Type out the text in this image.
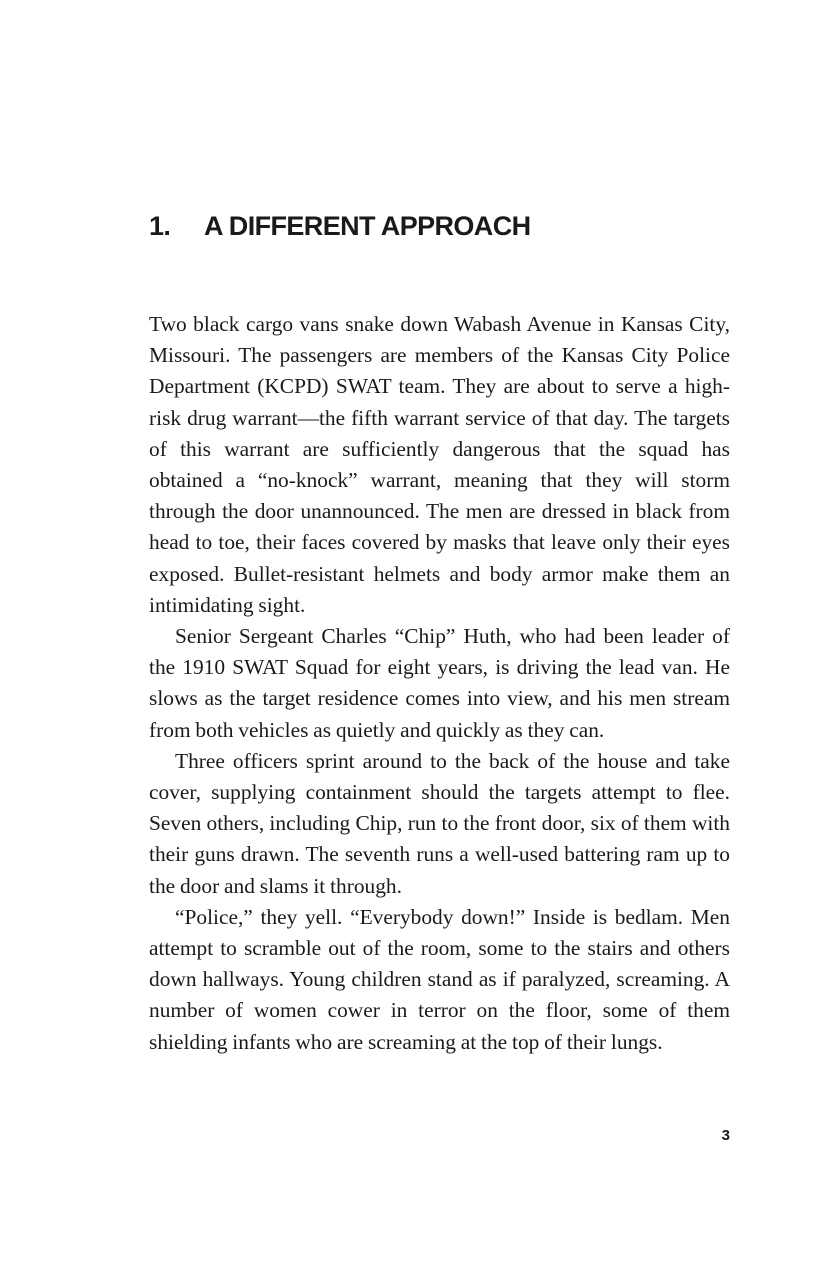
1. A DIFFERENT APPROACH

Two black cargo vans snake down Wabash Avenue in Kansas City, Missouri. The passengers are members of the Kansas City Police Department (KCPD) SWAT team. They are about to serve a high-risk drug warrant—the fifth warrant service of that day. The targets of this warrant are sufficiently dangerous that the squad has obtained a “no-knock” warrant, meaning that they will storm through the door unannounced. The men are dressed in black from head to toe, their faces covered by masks that leave only their eyes exposed. Bullet-resistant helmets and body armor make them an intimidating sight.

Senior Sergeant Charles “Chip” Huth, who had been leader of the 1910 SWAT Squad for eight years, is driving the lead van. He slows as the target residence comes into view, and his men stream from both vehicles as quietly and quickly as they can.

Three officers sprint around to the back of the house and take cover, supplying containment should the targets attempt to flee. Seven others, including Chip, run to the front door, six of them with their guns drawn. The seventh runs a well-used battering ram up to the door and slams it through.

“Police,” they yell. “Everybody down!” Inside is bedlam. Men attempt to scramble out of the room, some to the stairs and others down hallways. Young children stand as if paralyzed, screaming. A number of women cower in terror on the floor, some of them shielding infants who are screaming at the top of their lungs.

3
